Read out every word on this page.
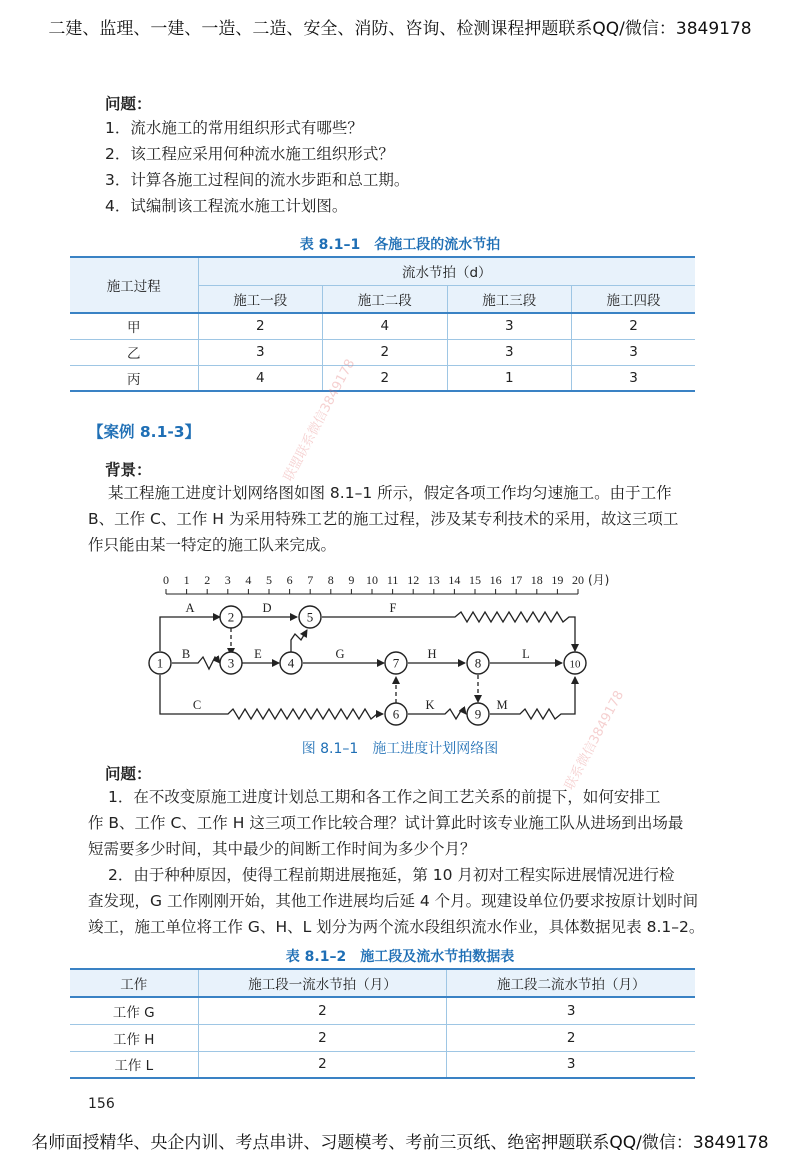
二建、监理、一建、一造、二造、安全、消防、咨询、检测课程押题联系QQ/微信：3849178
问题：
1．流水施工的常用组织形式有哪些？
2．该工程应采用何种流水施工组织形式？
3．计算各施工过程间的流水步距和总工期。
4．试编制该工程流水施工计划图。
表 8.1–1 各施工段的流水节拍
施工过程	流水节拍（d）			
	施工一段	施工二段	施工三段	施工四段
甲	2	4	3	2
乙	3	2	3	3
丙	4	2	1	3
【案例 8.1-3】
背景：
某工程施工进度计划网络图如图 8.1–1 所示，假定各项工作均匀速施工。由于工作
B、工作 C、工作 H 为采用特殊工艺的施工过程，涉及某专利技术的采用，故这三项工
作只能由某一特定的施工队来完成。
0 1 2 3 4 5 6 7 8 9 10 11 12 13 14 15 16 17 18 19 20 (月)
1
2
3	4
5
6
7	8
9
10
A
B
C
D
E
F
G	H
K
L
M
图 8.1–1 施工进度计划网络图
问题：
1．在不改变原施工进度计划总工期和各工作之间工艺关系的前提下，如何安排工
作 B、工作 C、工作 H 这三项工作比较合理？试计算此时该专业施工队从进场到出场最
短需要多少时间，其中最少的间断工作时间为多少个月？
2．由于种种原因，使得工程前期进展拖延，第 10 月初对工程实际进展情况进行检
查发现，G 工作刚刚开始，其他工作进展均后延 4 个月。现建设单位仍要求按原计划时间
竣工，施工单位将工作 G、H、L 划分为两个流水段组织流水作业，具体数据见表 8.1–2。
表 8.1–2 施工段及流水节拍数据表
工作	施工段一流水节拍（月）	施工段二流水节拍（月）
工作 G	2	3
工作 H	2	2
工作 L	2	3
联盟联系微信3849178
联系微信3849178
156
名师面授精华、央企内训、考点串讲、习题模考、考前三页纸、绝密押题联系QQ/微信：3849178
